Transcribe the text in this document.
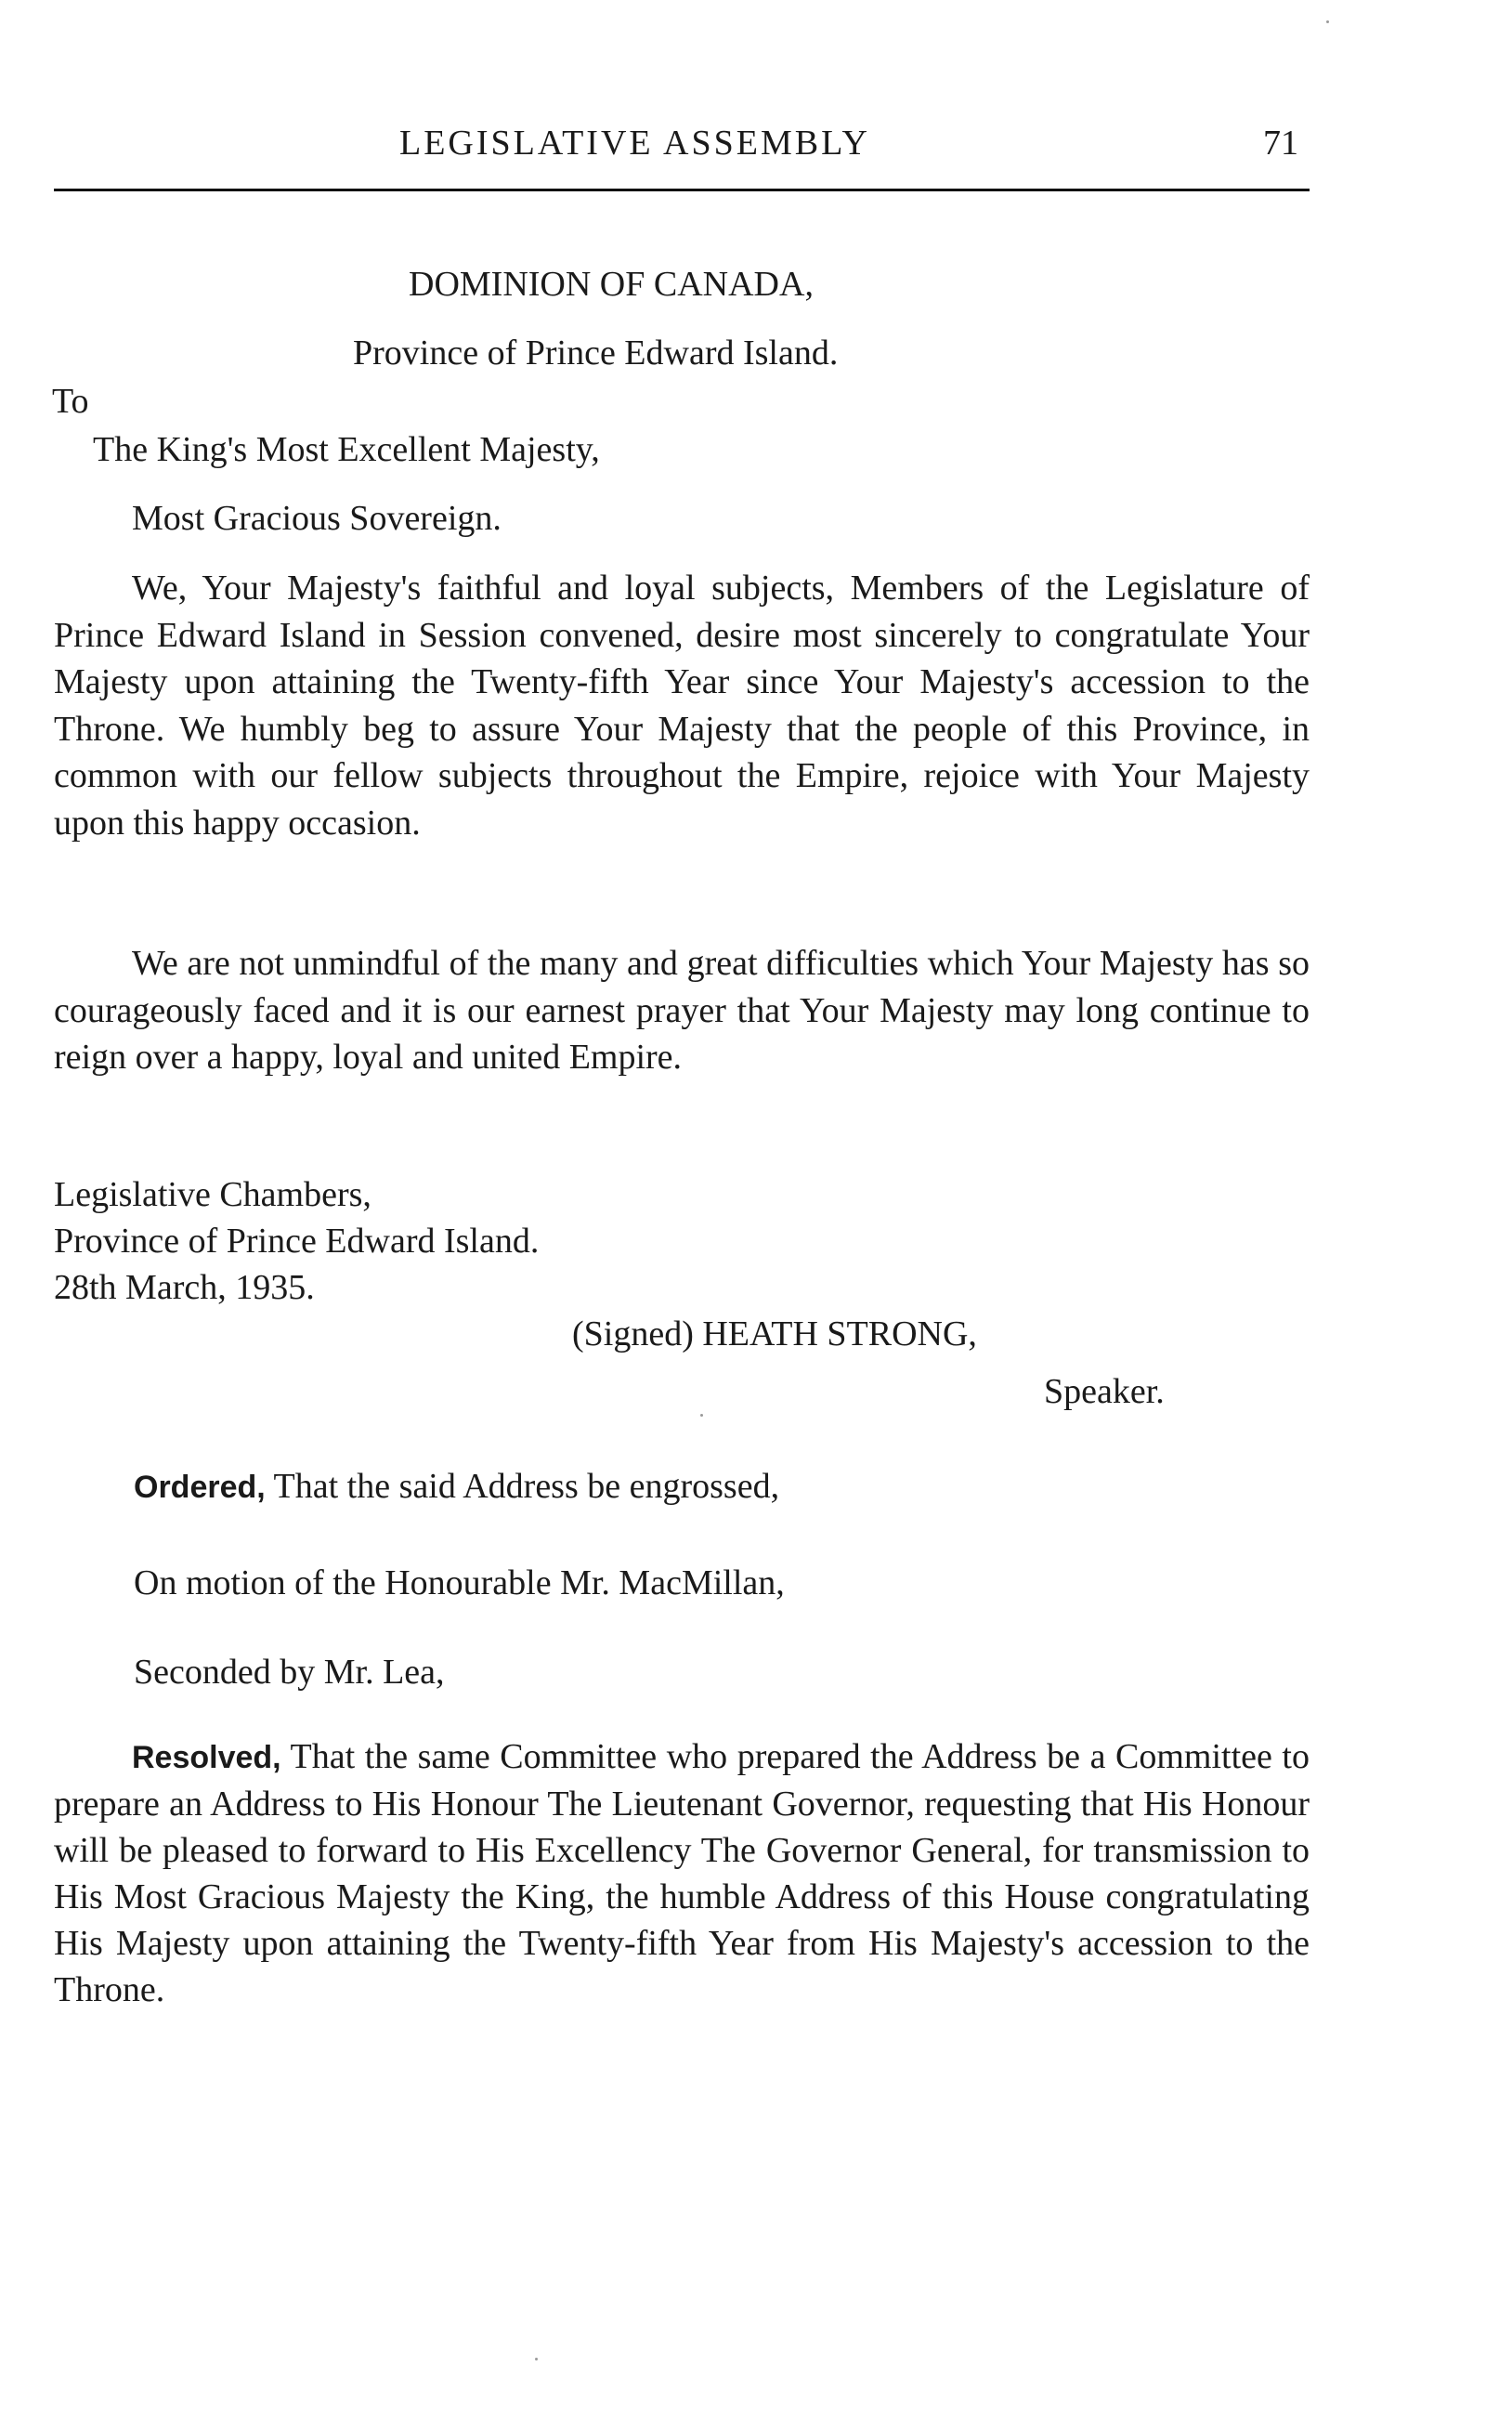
LEGISLATIVE ASSEMBLY	71
DOMINION OF CANADA,
Province of Prince Edward Island.
To
The King's Most Excellent Majesty,
Most Gracious Sovereign.

We, Your Majesty's faithful and loyal subjects, Members of the Legislature of Prince Edward Island in Session convened, desire most sincerely to congratulate Your Majesty upon attaining the Twenty-fifth Year since Your Majesty's accession to the Throne. We humbly beg to assure Your Majesty that the people of this Province, in common with our fellow subjects throughout the Empire, rejoice with Your Majesty upon this happy occasion.

We are not unmindful of the many and great difficulties which Your Majesty has so courageously faced and it is our earnest prayer that Your Majesty may long continue to reign over a happy, loyal and united Empire.

Legislative Chambers,
Province of Prince Edward Island.
28th March, 1935.
(Signed) HEATH STRONG,
Speaker.
Ordered, That the said Address be engrossed,
On motion of the Honourable Mr. MacMillan,
Seconded by Mr. Lea,

Resolved, That the same Committee who prepared the Address be a Committee to prepare an Address to His Honour The Lieutenant Governor, requesting that His Honour will be pleased to forward to His Excellency The Governor General, for transmission to His Most Gracious Majesty the King, the humble Address of this House congratulating His Majesty upon attaining the Twenty-fifth Year from His Majesty's accession to the Throne.
